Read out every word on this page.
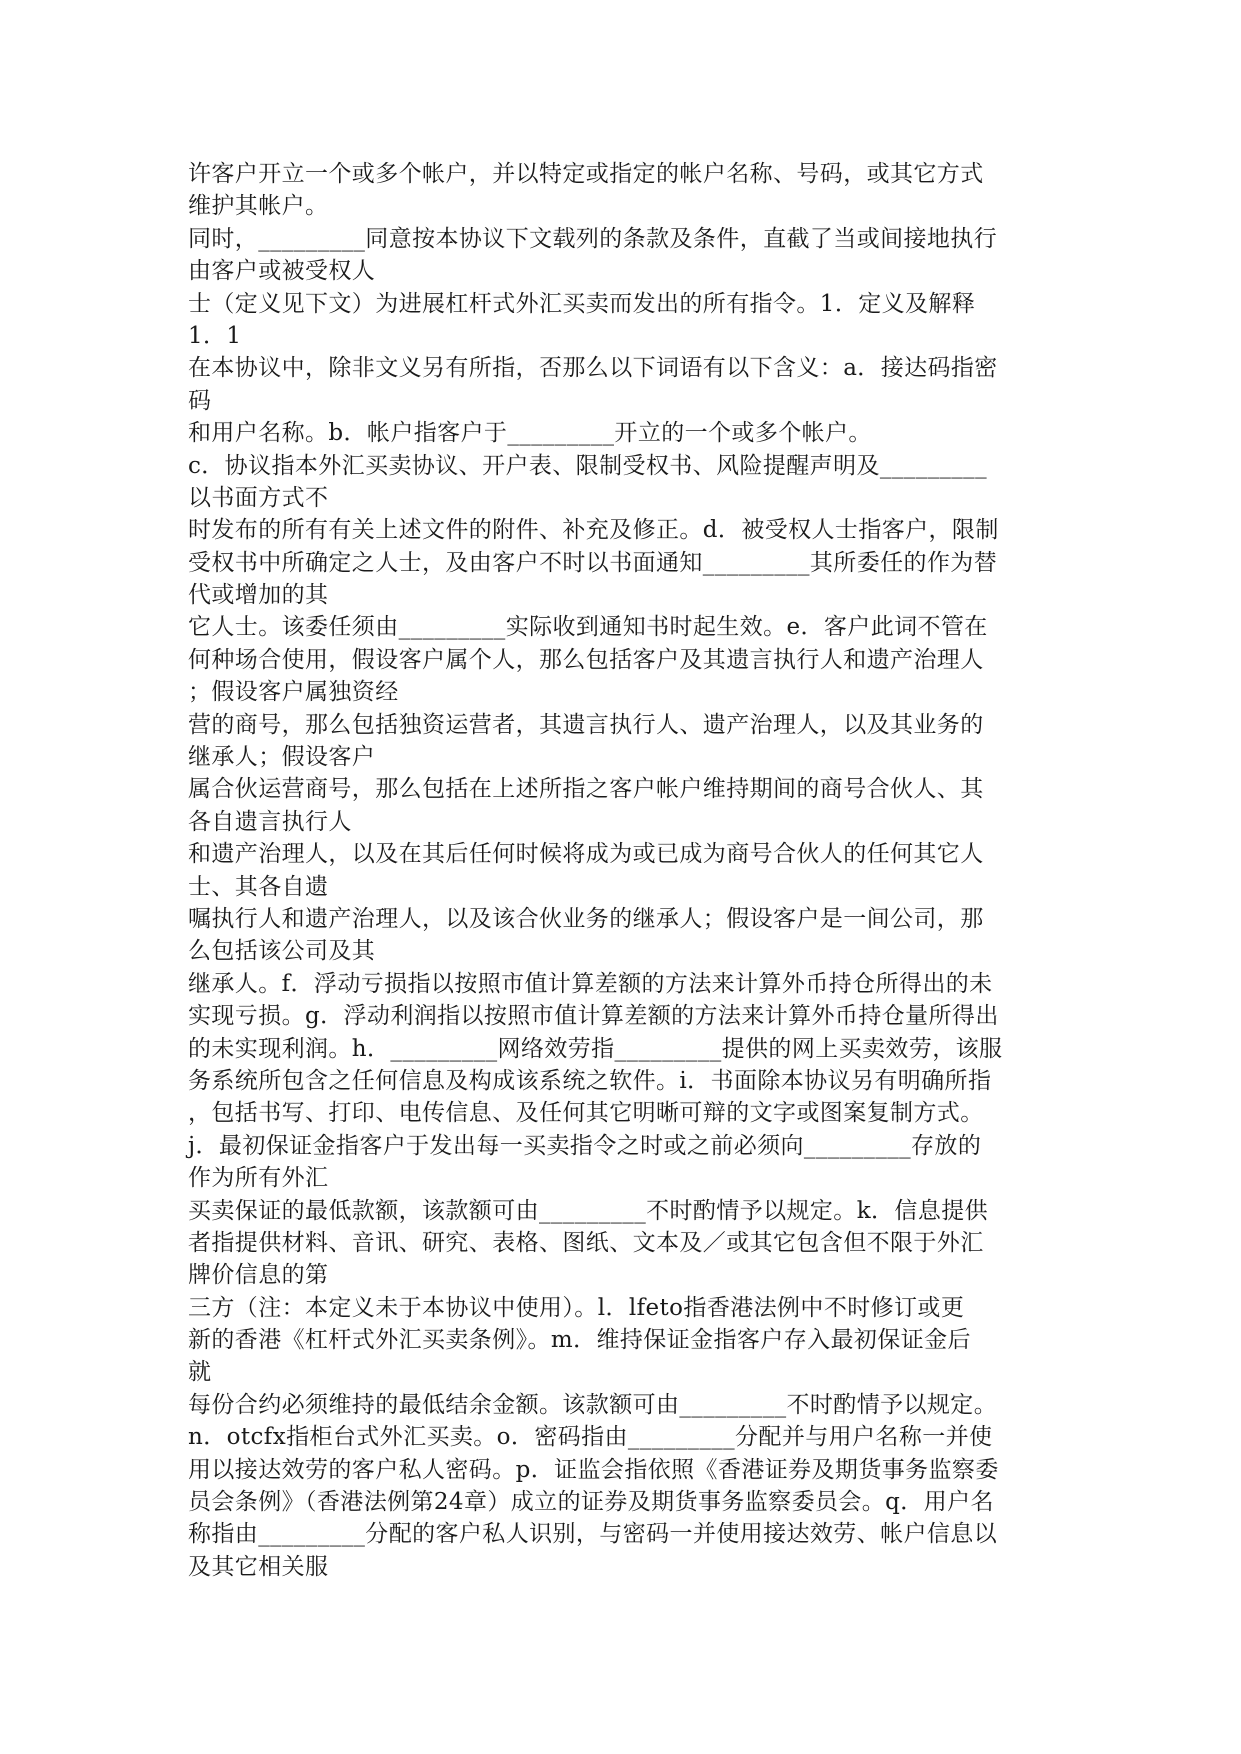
许客户开立一个或多个帐户，并以特定或指定的帐户名称、号码，或其它方式
维护其帐户。
同时，_________同意按本协议下文载列的条款及条件，直截了当或间接地执行
由客户或被受权人
士（定义见下文）为进展杠杆式外汇买卖而发出的所有指令。1．定义及解释
1．1
在本协议中，除非文义另有所指，否那么以下词语有以下含义：a．接达码指密
码
和用户名称。b．帐户指客户于_________开立的一个或多个帐户。
c．协议指本外汇买卖协议、开户表、限制受权书、风险提醒声明及_________
以书面方式不
时发布的所有有关上述文件的附件、补充及修正。d．被受权人士指客户，限制
受权书中所确定之人士，及由客户不时以书面通知_________其所委任的作为替
代或增加的其
它人士。该委任须由_________实际收到通知书时起生效。e．客户此词不管在
何种场合使用，假设客户属个人，那么包括客户及其遗言执行人和遗产治理人
；假设客户属独资经
营的商号，那么包括独资运营者，其遗言执行人、遗产治理人，以及其业务的
继承人；假设客户
属合伙运营商号，那么包括在上述所指之客户帐户维持期间的商号合伙人、其
各自遗言执行人
和遗产治理人，以及在其后任何时候将成为或已成为商号合伙人的任何其它人
士、其各自遗
嘱执行人和遗产治理人，以及该合伙业务的继承人；假设客户是一间公司，那
么包括该公司及其
继承人。f．浮动亏损指以按照市值计算差额的方法来计算外币持仓所得出的未
实现亏损。g．浮动利润指以按照市值计算差额的方法来计算外币持仓量所得出
的未实现利润。h．_________网络效劳指_________提供的网上买卖效劳，该服
务系统所包含之任何信息及构成该系统之软件。i．书面除本协议另有明确所指
，包括书写、打印、电传信息、及任何其它明晰可辩的文字或图案复制方式。
j．最初保证金指客户于发出每一买卖指令之时或之前必须向_________存放的
作为所有外汇
买卖保证的最低款额，该款额可由_________不时酌情予以规定。k．信息提供
者指提供材料、音讯、研究、表格、图纸、文本及／或其它包含但不限于外汇
牌价信息的第
三方（注：本定义未于本协议中使用）。l．lfeto指香港法例中不时修订或更
新的香港《杠杆式外汇买卖条例》。m．维持保证金指客户存入最初保证金后
就
每份合约必须维持的最低结余金额。该款额可由_________不时酌情予以规定。
n．otcfx指柜台式外汇买卖。o．密码指由_________分配并与用户名称一并使
用以接达效劳的客户私人密码。p．证监会指依照《香港证券及期货事务监察委
员会条例》（香港法例第24章）成立的证券及期货事务监察委员会。q．用户名
称指由_________分配的客户私人识别，与密码一并使用接达效劳、帐户信息以
及其它相关服
